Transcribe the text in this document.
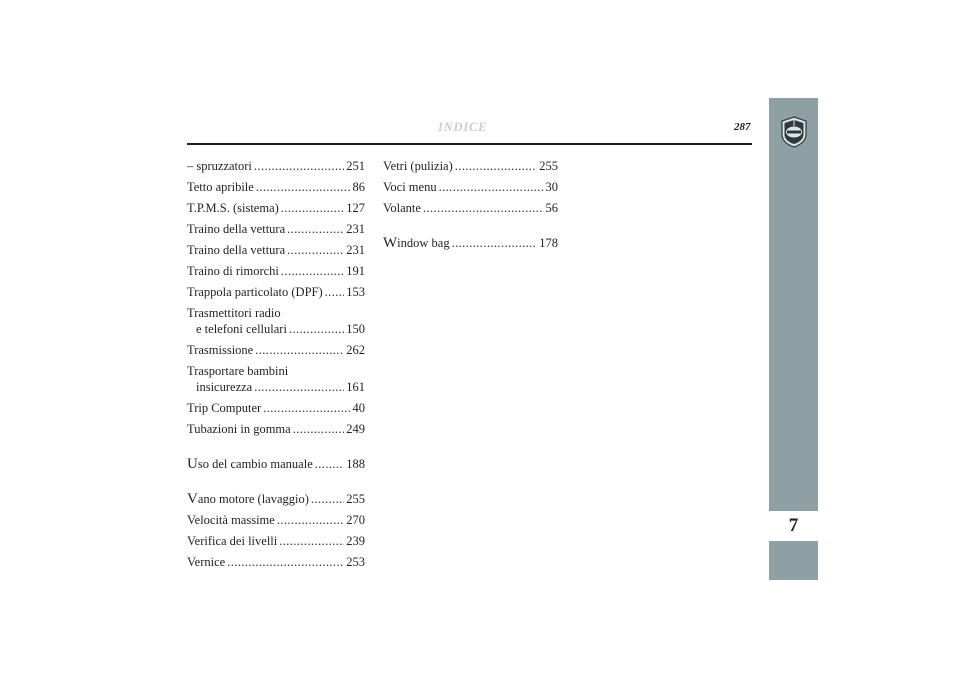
INDICE	287
7
– spruzzatori .....	251
Tetto apribile .....	86
T.P.M.S. (sistema) .....	127
Traino della vettura .....	231
Traino della vettura .....	231
Traino di rimorchi .....	191
Trappola particolato (DPF) ..... 153
Trasmettitori radio
e telefoni cellulari .....	150
Trasmissione .....	262
Trasportare bambini
insicurezza .....	161
Trip Computer .....	40
Tubazioni in gomma .....	249
Uso del cambio manuale .....	188
Vano motore (lavaggio) .....	255
Velocità massime .....	270
Verifica dei livelli .....	239
Vernice .....	253
Vetri (pulizia) .....	255
Voci menu .....	30
Volante .....	56
Window bag .....	178
